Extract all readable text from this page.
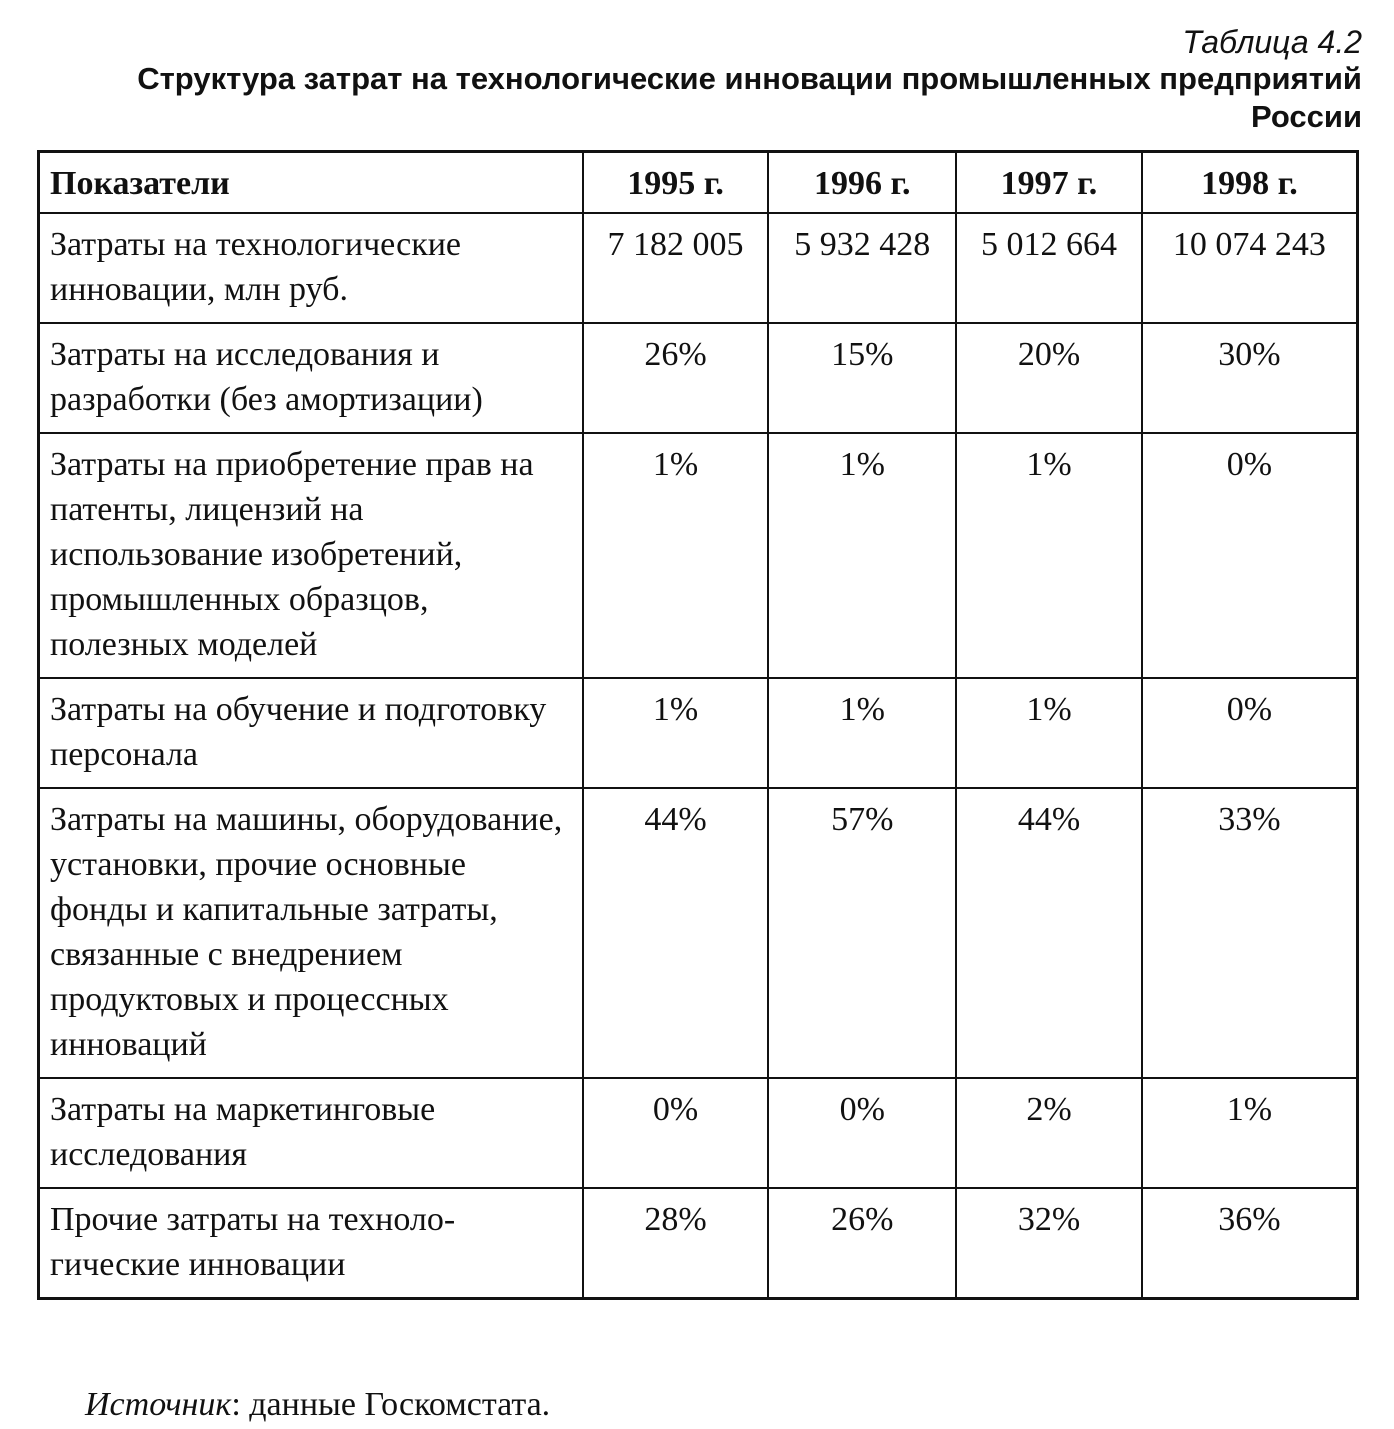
Таблица 4.2
Структура затрат на технологические инновации промышленных предприятий России
Показатели	1995 г.	1996 г.	1997 г.	1998 г.
Затраты на технологические инновации, млн руб.	7 182 005	5 932 428	5 012 664	10 074 243
Затраты на исследования и разработки (без амортизации)	26%	15%	20%	30%
Затраты на приобретение прав на патенты, лицензий на использование изобретений, промышленных образцов, полезных моделей	1%	1%	1%	0%
Затраты на обучение и подготовку персонала	1%	1%	1%	0%
Затраты на машины, оборудование, установки, прочие основные фонды и капитальные затраты, связанные с внедрением продуктовых и процессных инноваций	44%	57%	44%	33%
Затраты на маркетинговые исследования	0%	0%	2%	1%
Прочие затраты на техноло-гические инновации	28%	26%	32%	36%
Источник: данные Госкомстата.
